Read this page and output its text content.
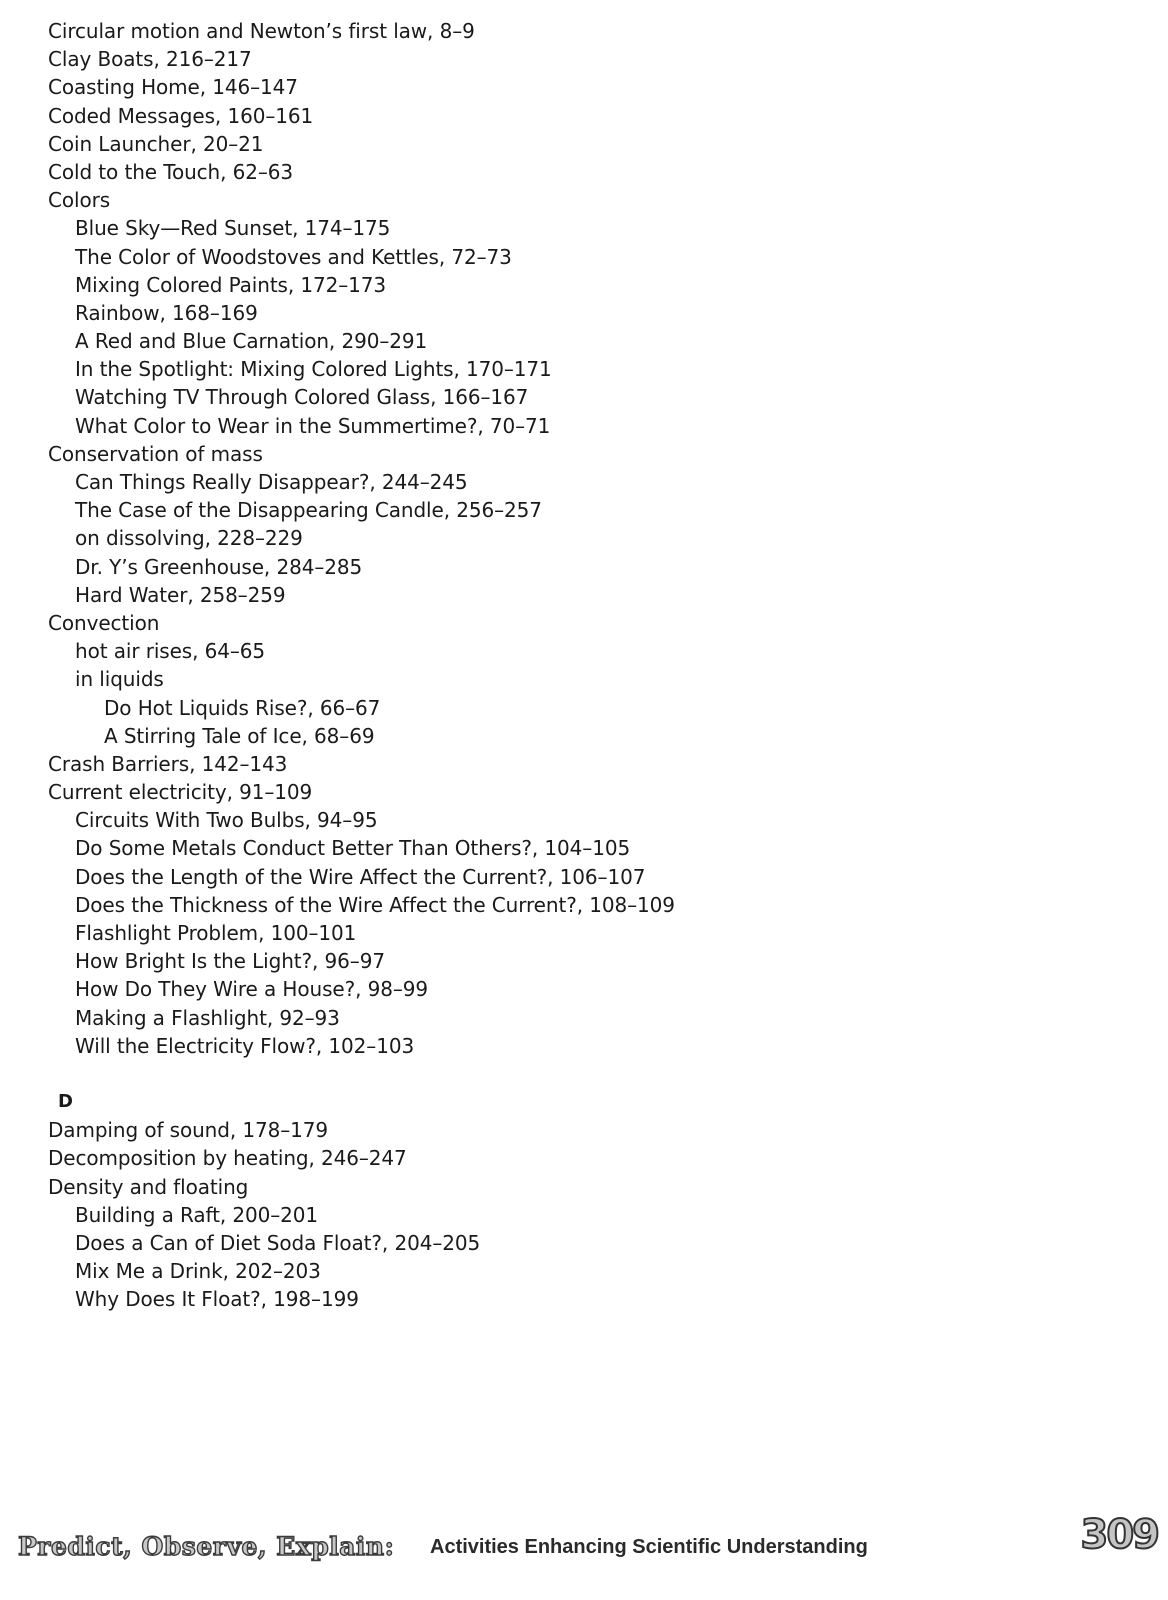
Circular motion and Newton’s first law, 8–9
Clay Boats, 216–217
Coasting Home, 146–147
Coded Messages, 160–161
Coin Launcher, 20–21
Cold to the Touch, 62–63
Colors
Blue Sky—Red Sunset, 174–175
The Color of Woodstoves and Kettles, 72–73
Mixing Colored Paints, 172–173
Rainbow, 168–169
A Red and Blue Carnation, 290–291
In the Spotlight: Mixing Colored Lights, 170–171
Watching TV Through Colored Glass, 166–167
What Color to Wear in the Summertime?, 70–71
Conservation of mass
Can Things Really Disappear?, 244–245
The Case of the Disappearing Candle, 256–257
on dissolving, 228–229
Dr. Y’s Greenhouse, 284–285
Hard Water, 258–259
Convection
hot air rises, 64–65
in liquids
Do Hot Liquids Rise?, 66–67
A Stirring Tale of Ice, 68–69
Crash Barriers, 142–143
Current electricity, 91–109
Circuits With Two Bulbs, 94–95
Do Some Metals Conduct Better Than Others?, 104–105
Does the Length of the Wire Affect the Current?, 106–107
Does the Thickness of the Wire Affect the Current?, 108–109
Flashlight Problem, 100–101
How Bright Is the Light?, 96–97
How Do They Wire a House?, 98–99
Making a Flashlight, 92–93
Will the Electricity Flow?, 102–103
D
Damping of sound, 178–179
Decomposition by heating, 246–247
Density and floating
Building a Raft, 200–201
Does a Can of Diet Soda Float?, 204–205
Mix Me a Drink, 202–203
Why Does It Float?, 198–199
Predict, Observe, Explain: Activities Enhancing Scientific Understanding	309
